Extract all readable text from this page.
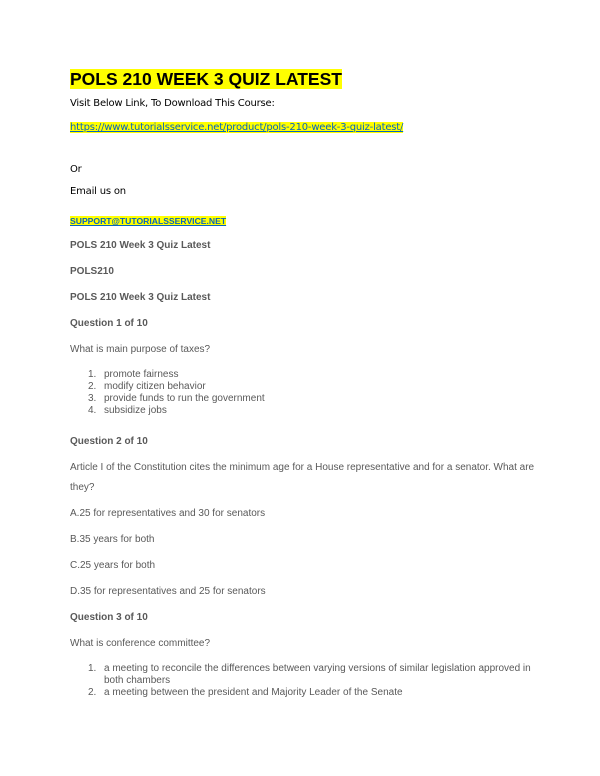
POLS 210 WEEK 3 QUIZ LATEST
Visit Below Link, To Download This Course:
https://www.tutorialsservice.net/product/pols-210-week-3-quiz-latest/
Or
Email us on
SUPPORT@TUTORIALSSERVICE.NET
POLS 210 Week 3 Quiz Latest
POLS210
POLS 210 Week 3 Quiz Latest
Question 1 of 10
What is main purpose of taxes?
1. promote fairness
2. modify citizen behavior
3. provide funds to run the government
4. subsidize jobs
Question 2 of 10
Article I of the Constitution cites the minimum age for a House representative and for a senator. What are
they?
A.25 for representatives and 30 for senators
B.35 years for both
C.25 years for both
D.35 for representatives and 25 for senators
Question 3 of 10
What is conference committee?
1. a meeting to reconcile the differences between varying versions of similar legislation approved in both chambers
2. a meeting between the president and Majority Leader of the Senate
